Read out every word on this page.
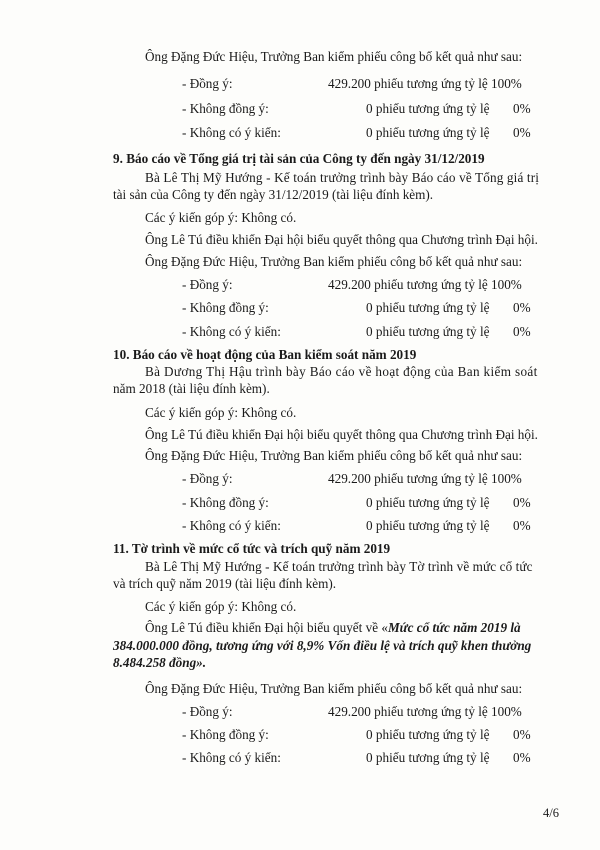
Ông Đặng Đức Hiệu, Trưởng Ban kiểm phiếu công bố kết quả như sau:
- Đồng ý:	429.200 phiếu tương ứng tỷ lệ 100%
- Không đồng ý:	0 phiếu tương ứng tỷ lệ 0%
- Không có ý kiến:	0 phiếu tương ứng tỷ lệ 0%
9. Báo cáo về Tổng giá trị tài sản của Công ty đến ngày 31/12/2019
Bà Lê Thị Mỹ Hướng - Kế toán trưởng trình bày Báo cáo về Tổng giá trị
tài sản của Công ty đến ngày 31/12/2019 (tài liệu đính kèm).
Các ý kiến góp ý: Không có.
Ông Lê Tú điều khiển Đại hội biểu quyết thông qua Chương trình Đại hội.
Ông Đặng Đức Hiệu, Trưởng Ban kiểm phiếu công bố kết quả như sau:
- Đồng ý:	429.200 phiếu tương ứng tỷ lệ 100%
- Không đồng ý:	0 phiếu tương ứng tỷ lệ 0%
- Không có ý kiến:	0 phiếu tương ứng tỷ lệ 0%
10. Báo cáo về hoạt động của Ban kiểm soát năm 2019
Bà Dương Thị Hậu trình bày Báo cáo về hoạt động của Ban kiểm soát
năm 2018 (tài liệu đính kèm).
Các ý kiến góp ý: Không có.
Ông Lê Tú điều khiển Đại hội biểu quyết thông qua Chương trình Đại hội.
Ông Đặng Đức Hiệu, Trưởng Ban kiểm phiếu công bố kết quả như sau:
- Đồng ý:	429.200 phiếu tương ứng tỷ lệ 100%
- Không đồng ý:	0 phiếu tương ứng tỷ lệ 0%
- Không có ý kiến:	0 phiếu tương ứng tỷ lệ 0%
11. Tờ trình về mức cổ tức và trích quỹ năm 2019
Bà Lê Thị Mỹ Hướng - Kế toán trưởng trình bày Tờ trình về mức cổ tức
và trích quỹ năm 2019 (tài liệu đính kèm).
Các ý kiến góp ý: Không có.
Ông Lê Tú điều khiển Đại hội biểu quyết về «Mức cổ tức năm 2019 là
384.000.000 đồng, tương ứng với 8,9% Vốn điều lệ và trích quỹ khen thưởng
8.484.258 đồng».
Ông Đặng Đức Hiệu, Trưởng Ban kiểm phiếu công bố kết quả như sau:
- Đồng ý:	429.200 phiếu tương ứng tỷ lệ 100%
- Không đồng ý:	0 phiếu tương ứng tỷ lệ 0%
- Không có ý kiến:	0 phiếu tương ứng tỷ lệ 0%
4/6
